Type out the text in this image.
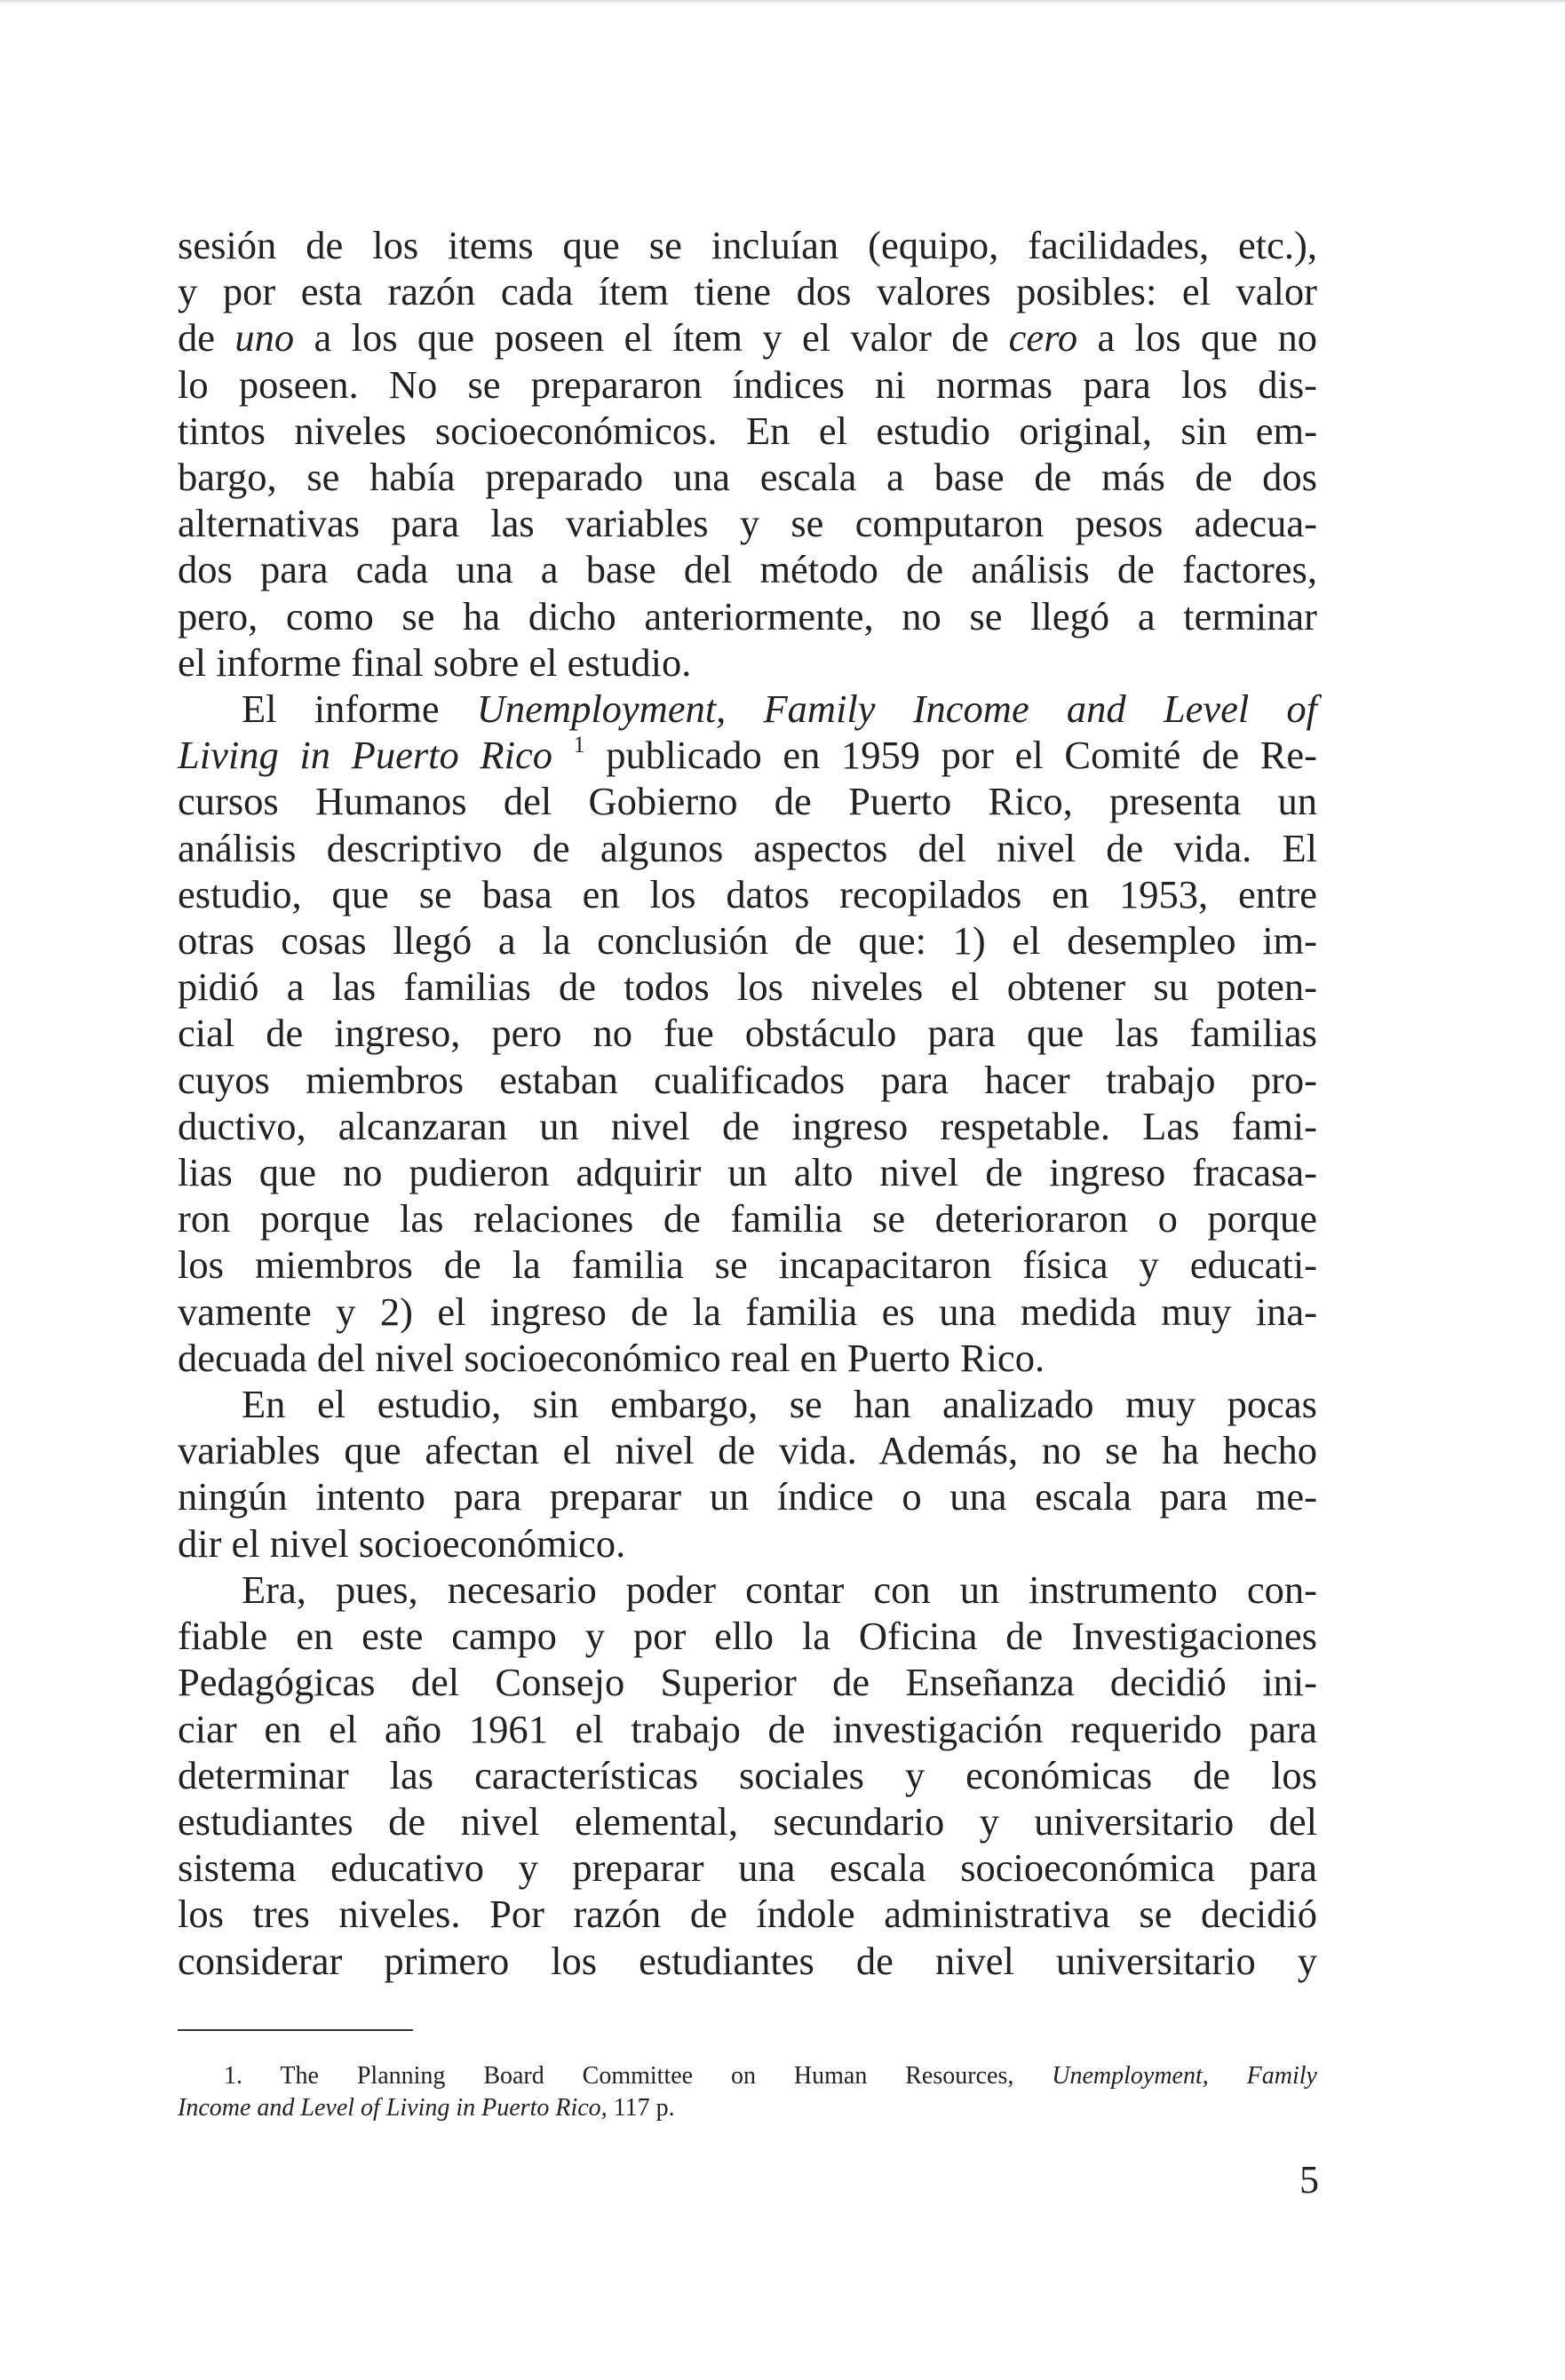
sesión de los items que se incluían (equipo, facilidades, etc.),
y por esta razón cada ítem tiene dos valores posibles: el valor
de uno a los que poseen el ítem y el valor de cero a los que no
lo poseen. No se prepararon índices ni normas para los dis-
tintos niveles socioeconómicos. En el estudio original, sin em-
bargo, se había preparado una escala a base de más de dos
alternativas para las variables y se computaron pesos adecua-
dos para cada una a base del método de análisis de factores,
pero, como se ha dicho anteriormente, no se llegó a terminar
el informe final sobre el estudio.

El informe Unemployment, Family Income and Level of
Living in Puerto Rico $^1$ publicado en 1959 por el Comité de Re-
cursos Humanos del Gobierno de Puerto Rico, presenta un
análisis descriptivo de algunos aspectos del nivel de vida. El
estudio, que se basa en los datos recopilados en 1953, entre
otras cosas llegó a la conclusión de que: 1) el desempleo im-
pidió a las familias de todos los niveles el obtener su poten-
cial de ingreso, pero no fue obstáculo para que las familias
cuyos miembros estaban cualificados para hacer trabajo pro-
ductivo, alcanzaran un nivel de ingreso respetable. Las fami-
lias que no pudieron adquirir un alto nivel de ingreso fracasa-
ron porque las relaciones de familia se deterioraron o porque
los miembros de la familia se incapacitaron física y educati-
vamente y 2) el ingreso de la familia es una medida muy ina-
decuada del nivel socioeconómico real en Puerto Rico.

En el estudio, sin embargo, se han analizado muy pocas
variables que afectan el nivel de vida. Además, no se ha hecho
ningún intento para preparar un índice o una escala para me-
dir el nivel socioeconómico.

Era, pues, necesario poder contar con un instrumento con-
fiable en este campo y por ello la Oficina de Investigaciones
Pedagógicas del Consejo Superior de Enseñanza decidió ini-
ciar en el año 1961 el trabajo de investigación requerido para
determinar las características sociales y económicas de los
estudiantes de nivel elemental, secundario y universitario del
sistema educativo y preparar una escala socioeconómica para
los tres niveles. Por razón de índole administrativa se decidió
considerar primero los estudiantes de nivel universitario y

1. The Planning Board Committee on Human Resources, Unemployment, Family
Income and Level of Living in Puerto Rico, 117 p.
5
